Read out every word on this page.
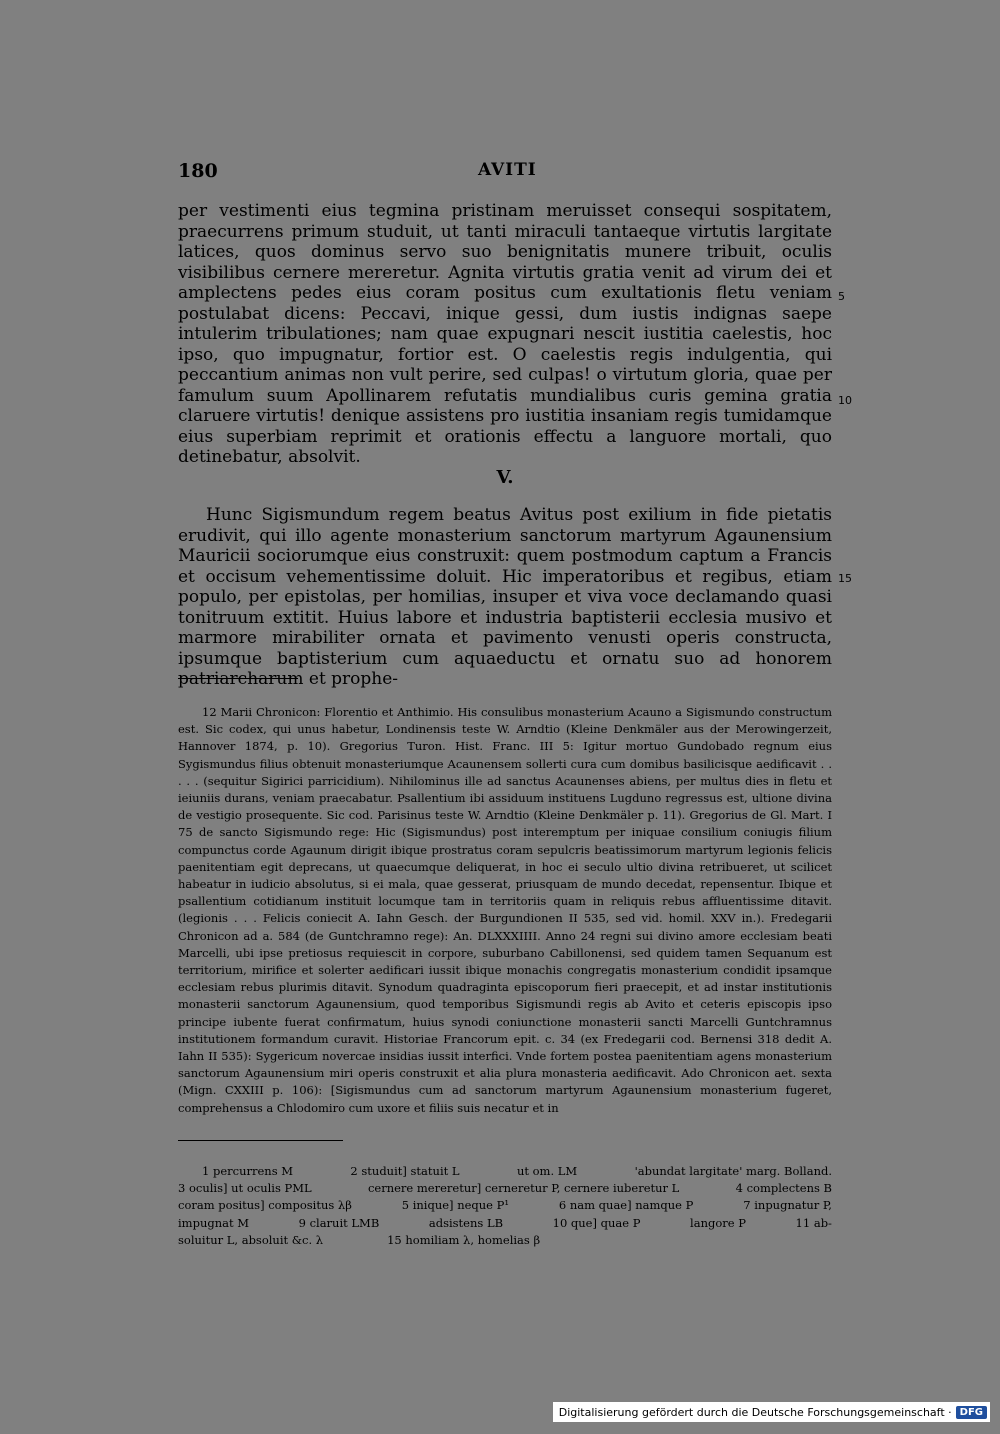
180	AVITI

per vestimenti eius tegmina pristinam meruisset consequi sospitatem, praecurrens primum studuit, ut tanti miraculi tantaeque virtutis largitate latices, quos dominus servo suo benignitatis munere tribuit, oculis visibilibus cernere mereretur. Agnita virtutis gratia venit ad virum dei et amplectens pedes eius coram positus cum exultationis fletu veniam postulabat dicens: Peccavi, inique gessi, dum iustis indignas saepe intulerim tribulationes; nam quae expugnari nescit iustitia caelestis, hoc ipso, quo impugnatur, fortior est. O caelestis regis indulgentia, qui peccantium animas non vult perire, sed culpas! o virtutum gloria, quae per famulum suum Apollinarem refutatis mundialibus curis gemina gratia claruere virtutis! denique assistens pro iustitia insaniam regis tumidamque eius superbiam reprimit et orationis effectu a languore mortali, quo detinebatur, absolvit.

5
10
V.

Hunc Sigismundum regem beatus Avitus post exilium in fide pietatis erudivit, qui illo agente monasterium sanctorum martyrum Agaunensium Mauricii sociorumque eius construxit: quem postmodum captum a Francis et occisum vehementissime doluit. Hic imperatoribus et regibus, etiam populo, per epistolas, per homilias, insuper et viva voce declamando quasi tonitruum extitit. Huius labore et industria baptisterii ecclesia musivo et marmore mirabiliter ornata et pavimento venusti operis constructa, ipsumque baptisterium cum aquaeductu et ornatu suo ad honorem patriarcharum et prophe-

15

12 Marii Chronicon: Florentio et Anthimio. His consulibus monasterium Acauno a Sigismundo constructum est. Sic codex, qui unus habetur, Londinensis teste W. Arndtio (Kleine Denkmäler aus der Merowingerzeit, Hannover 1874, p. 10). Gregorius Turon. Hist. Franc. III 5: Igitur mortuo Gundobado regnum eius Sygismundus filius obtenuit monasteriumque Acaunensem sollerti cura cum domibus basilicisque aedificavit . . . . . (sequitur Sigirici parricidium). Nihilominus ille ad sanctus Acaunenses abiens, per multus dies in fletu et ieiuniis durans, veniam praecabatur. Psallentium ibi assiduum instituens Lugduno regressus est, ultione divina de vestigio prosequente. Sic cod. Parisinus teste W. Arndtio (Kleine Denkmäler p. 11). Gregorius de Gl. Mart. I 75 de sancto Sigismundo rege: Hic (Sigismundus) post interemptum per iniquae consilium coniugis filium compunctus corde Agaunum dirigit ibique prostratus coram sepulcris beatissimorum martyrum legionis felicis paenitentiam egit deprecans, ut quaecumque deliquerat, in hoc ei seculo ultio divina retribueret, ut scilicet habeatur in iudicio absolutus, si ei mala, quae gesserat, priusquam de mundo decedat, repensentur. Ibique et psallentium cotidianum instituit locumque tam in territoriis quam in reliquis rebus affluentissime ditavit. (legionis . . . Felicis coniecit A. Iahn Gesch. der Burgundionen II 535, sed vid. homil. XXV in.). Fredegarii Chronicon ad a. 584 (de Guntchramno rege): An. DLXXXIIII. Anno 24 regni sui divino amore ecclesiam beati Marcelli, ubi ipse pretiosus requiescit in corpore, suburbano Cabillonensi, sed quidem tamen Sequanum est territorium, mirifice et solerter aedificari iussit ibique monachis congregatis monasterium condidit ipsamque ecclesiam rebus plurimis ditavit. Synodum quadraginta episcoporum fieri praecepit, et ad instar institutionis monasterii sanctorum Agaunensium, quod temporibus Sigismundi regis ab Avito et ceteris episcopis ipso principe iubente fuerat confirmatum, huius synodi coniunctione monasterii sancti Marcelli Guntchramnus institutionem formandum curavit. Historiae Francorum epit. c. 34 (ex Fredegarii cod. Bernensi 318 dedit A. Iahn II 535): Sygericum novercae insidias iussit interfici. Vnde fortem postea paenitentiam agens monasterium sanctorum Agaunensium miri operis construxit et alia plura monasteria aedificavit. Ado Chronicon aet. sexta (Mign. CXXIII p. 106): [Sigismundus cum ad sanctorum martyrum Agaunensium monasterium fugeret, comprehensus a Chlodomiro cum uxore et filiis suis necatur et in

1 percurrens M	2 studuit] statuit L	ut om. LM	'abundat largitate' marg. Bolland.
3 oculis] ut oculis PML	cernere mereretur] cerneretur P, cernere iuberetur L	4 complectens B
coram positus] compositus λβ	5 inique] neque P¹	6 nam quae] namque P	7 inpugnatur P,
impugnat M	9 claruit LMB	adsistens LB	10 que] quae P	langore P	11 ab-
soluitur L, absoluit &c. λ	15 homiliam λ, homelias β
Digitalisierung gefördert durch die Deutsche Forschungsgemeinschaft · DFG
